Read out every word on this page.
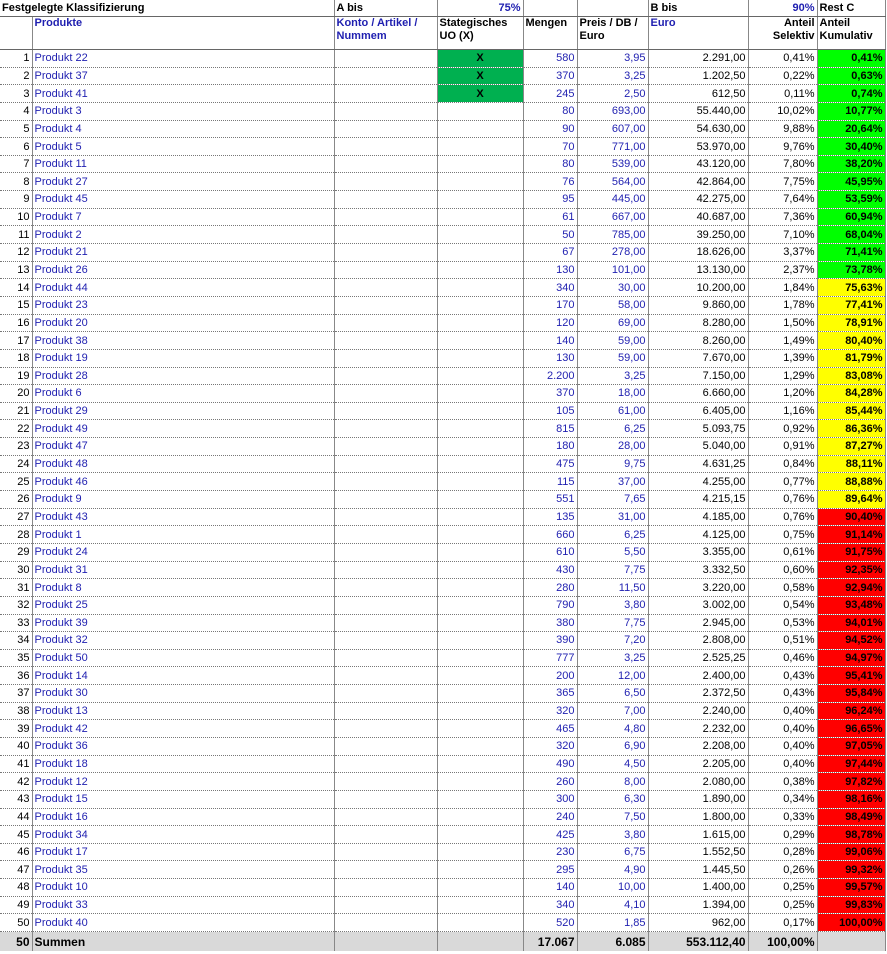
Festgelegte Klassifizierung		A bis	75%			B bis	90%	Rest C
	Produkte	Konto / Artikel / Nummem	Stategisches UO (X)	Mengen	Preis / DB / Euro	Euro	Anteil Selektiv	Anteil Kumulativ
1	Produkt 22		X	580	3,95	2.291,00	0,41%	0,41%
2	Produkt 37		X	370	3,25	1.202,50	0,22%	0,63%
3	Produkt 41		X	245	2,50	612,50	0,11%	0,74%
4	Produkt 3			80	693,00	55.440,00	10,02%	10,77%
5	Produkt 4			90	607,00	54.630,00	9,88%	20,64%
6	Produkt 5			70	771,00	53.970,00	9,76%	30,40%
7	Produkt 11			80	539,00	43.120,00	7,80%	38,20%
8	Produkt 27			76	564,00	42.864,00	7,75%	45,95%
9	Produkt 45			95	445,00	42.275,00	7,64%	53,59%
10	Produkt 7			61	667,00	40.687,00	7,36%	60,94%
11	Produkt 2			50	785,00	39.250,00	7,10%	68,04%
12	Produkt 21			67	278,00	18.626,00	3,37%	71,41%
13	Produkt 26			130	101,00	13.130,00	2,37%	73,78%
14	Produkt 44			340	30,00	10.200,00	1,84%	75,63%
15	Produkt 23			170	58,00	9.860,00	1,78%	77,41%
16	Produkt 20			120	69,00	8.280,00	1,50%	78,91%
17	Produkt 38			140	59,00	8.260,00	1,49%	80,40%
18	Produkt 19			130	59,00	7.670,00	1,39%	81,79%
19	Produkt 28			2.200	3,25	7.150,00	1,29%	83,08%
20	Produkt 6			370	18,00	6.660,00	1,20%	84,28%
21	Produkt 29			105	61,00	6.405,00	1,16%	85,44%
22	Produkt 49			815	6,25	5.093,75	0,92%	86,36%
23	Produkt 47			180	28,00	5.040,00	0,91%	87,27%
24	Produkt 48			475	9,75	4.631,25	0,84%	88,11%
25	Produkt 46			115	37,00	4.255,00	0,77%	88,88%
26	Produkt 9			551	7,65	4.215,15	0,76%	89,64%
27	Produkt 43			135	31,00	4.185,00	0,76%	90,40%
28	Produkt 1			660	6,25	4.125,00	0,75%	91,14%
29	Produkt 24			610	5,50	3.355,00	0,61%	91,75%
30	Produkt 31			430	7,75	3.332,50	0,60%	92,35%
31	Produkt 8			280	11,50	3.220,00	0,58%	92,94%
32	Produkt 25			790	3,80	3.002,00	0,54%	93,48%
33	Produkt 39			380	7,75	2.945,00	0,53%	94,01%
34	Produkt 32			390	7,20	2.808,00	0,51%	94,52%
35	Produkt 50			777	3,25	2.525,25	0,46%	94,97%
36	Produkt 14			200	12,00	2.400,00	0,43%	95,41%
37	Produkt 30			365	6,50	2.372,50	0,43%	95,84%
38	Produkt 13			320	7,00	2.240,00	0,40%	96,24%
39	Produkt 42			465	4,80	2.232,00	0,40%	96,65%
40	Produkt 36			320	6,90	2.208,00	0,40%	97,05%
41	Produkt 18			490	4,50	2.205,00	0,40%	97,44%
42	Produkt 12			260	8,00	2.080,00	0,38%	97,82%
43	Produkt 15			300	6,30	1.890,00	0,34%	98,16%
44	Produkt 16			240	7,50	1.800,00	0,33%	98,49%
45	Produkt 34			425	3,80	1.615,00	0,29%	98,78%
46	Produkt 17			230	6,75	1.552,50	0,28%	99,06%
47	Produkt 35			295	4,90	1.445,50	0,26%	99,32%
48	Produkt 10			140	10,00	1.400,00	0,25%	99,57%
49	Produkt 33			340	4,10	1.394,00	0,25%	99,83%
50	Produkt 40			520	1,85	962,00	0,17%	100,00%
50	Summen			17.067	6.085	553.112,40	100,00%	
